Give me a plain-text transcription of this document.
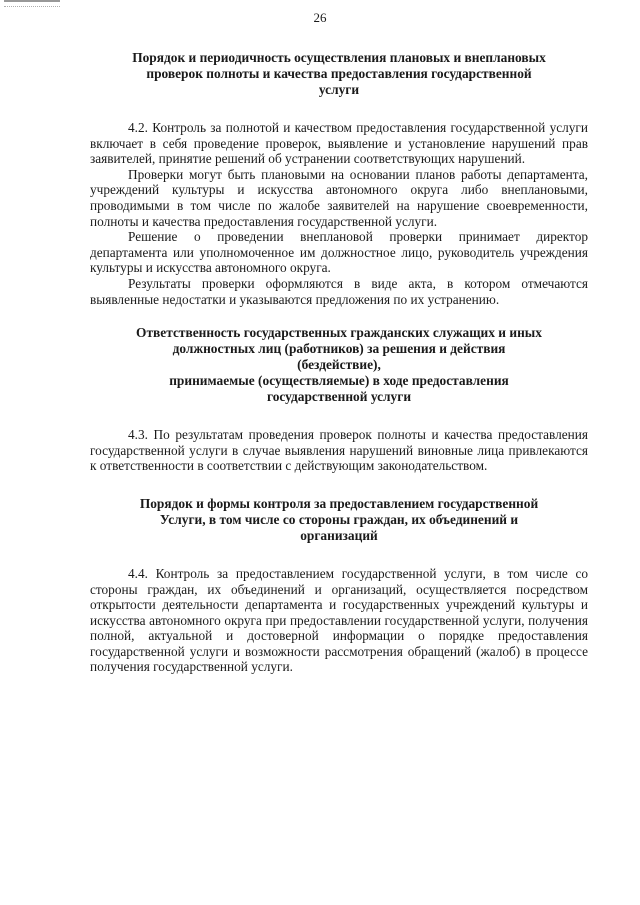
26
Порядок и периодичность осуществления плановых и внеплановых
проверок полноты и качества предоставления государственной
услуги

4.2. Контроль за полнотой и качеством предоставления государственной услуги включает в себя проведение проверок, выявление и установление нарушений прав заявителей, принятие решений об устранении соответствующих нарушений.

Проверки могут быть плановыми на основании планов работы департамента, учреждений культуры и искусства автономного округа либо внеплановыми, проводимыми в том числе по жалобе заявителей на нарушение своевременности, полноты и качества предоставления государственной услуги.

Решение о проведении внеплановой проверки принимает директор департамента или уполномоченное им должностное лицо, руководитель учреждения культуры и искусства автономного округа.

Результаты проверки оформляются в виде акта, в котором отмечаются выявленные недостатки и указываются предложения по их устранению.

Ответственность государственных гражданских служащих и иных
должностных лиц (работников) за решения и действия
(бездействие),
принимаемые (осуществляемые) в ходе предоставления
государственной услуги

4.3. По результатам проведения проверок полноты и качества предоставления государственной услуги в случае выявления нарушений виновные лица привлекаются к ответственности в соответствии с действующим законодательством.

Порядок и формы контроля за предоставлением государственной
Услуги, в том числе со стороны граждан, их объединений и
организаций

4.4. Контроль за предоставлением государственной услуги, в том числе со стороны граждан, их объединений и организаций, осуществляется посредством открытости деятельности департамента и государственных учреждений культуры и искусства автономного округа при предоставлении государственной услуги, получения полной, актуальной и достоверной информации о порядке предоставления государственной услуги и возможности рассмотрения обращений (жалоб) в процессе получения государственной услуги.
